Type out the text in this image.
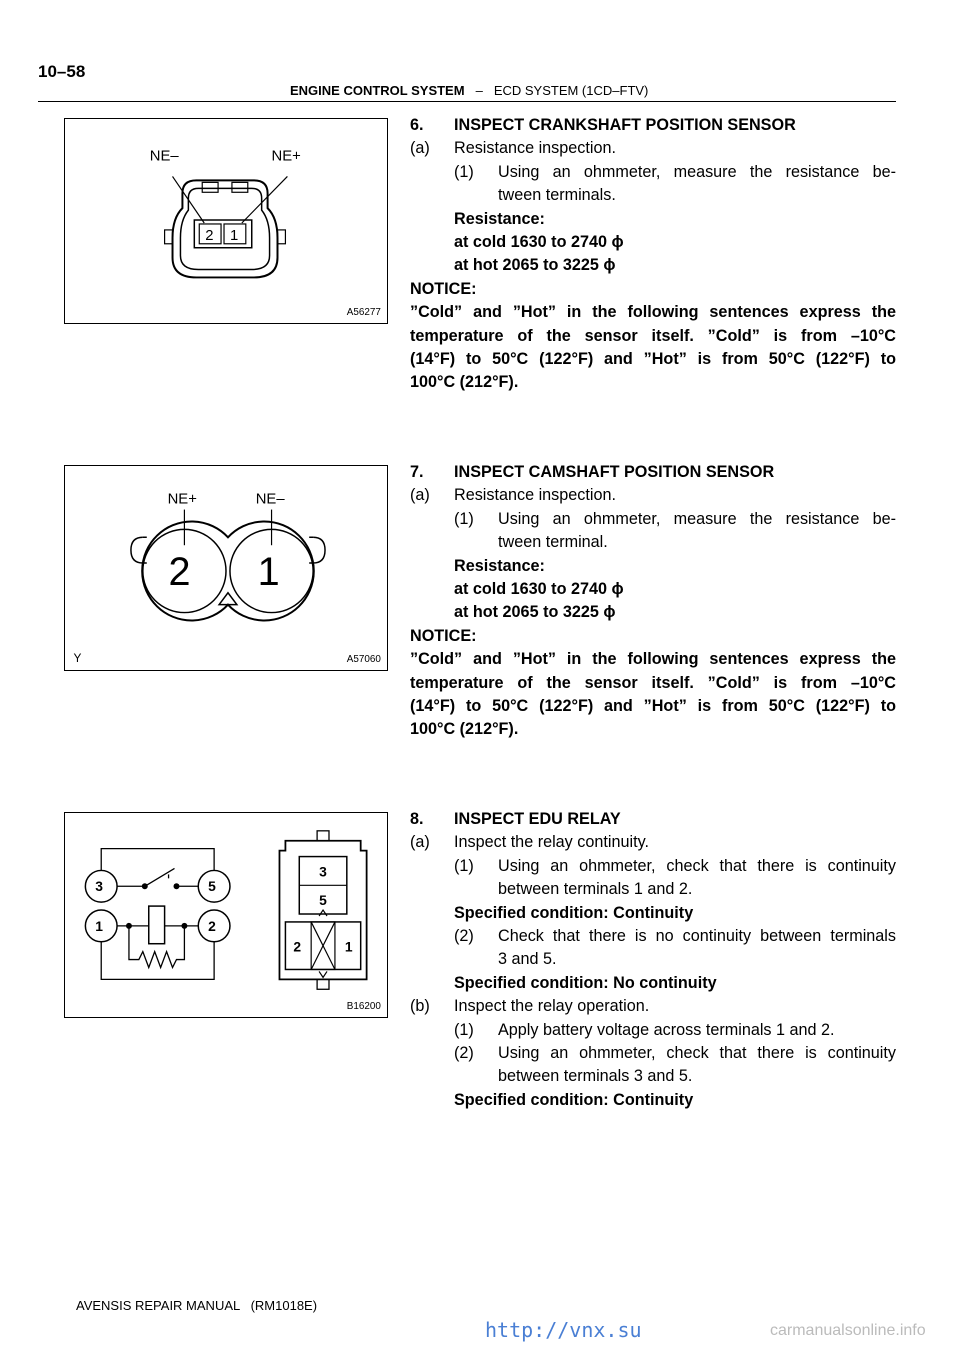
10–58
ENGINE CONTROL SYSTEM – ECD SYSTEM (1CD–FTV)
NE–	NE+
2 1
A56277
NE+	NE–
2 1
Y	A57060
3
1
5
2
3
5
2	1
B16200
6. INSPECT CRANKSHAFT POSITION SENSOR
(a) Resistance inspection.
(1) Using an ohmmeter, measure the resistance be-
tween terminals.
Resistance:
at cold 1630 to 2740 ϕ
at hot 2065 to 3225 ϕ
NOTICE:
”Cold” and ”Hot” in the following sentences express the
temperature of the sensor itself. ”Cold” is from –10°C
(14°F) to 50°C (122°F) and ”Hot” is from 50°C (122°F) to
100°C (212°F).
7. INSPECT CAMSHAFT POSITION SENSOR
(a) Resistance inspection.
(1) Using an ohmmeter, measure the resistance be-
tween terminal.
Resistance:
at cold 1630 to 2740 ϕ
at hot 2065 to 3225 ϕ
NOTICE:
”Cold” and ”Hot” in the following sentences express the
temperature of the sensor itself. ”Cold” is from –10°C
(14°F) to 50°C (122°F) and ”Hot” is from 50°C (122°F) to
100°C (212°F).
8. INSPECT EDU RELAY
(a) Inspect the relay continuity.
(1) Using an ohmmeter, check that there is continuity
between terminals 1 and 2.
Specified condition: Continuity
(2) Check that there is no continuity between terminals
3 and 5.
Specified condition: No continuity
(b) Inspect the relay operation.
(1) Apply battery voltage across terminals 1 and 2.
(2) Using an ohmmeter, check that there is continuity
between terminals 3 and 5.
Specified condition: Continuity
AVENSIS REPAIR MANUAL   (RM1018E)
http://vnx.su	carmanualsonline.info
